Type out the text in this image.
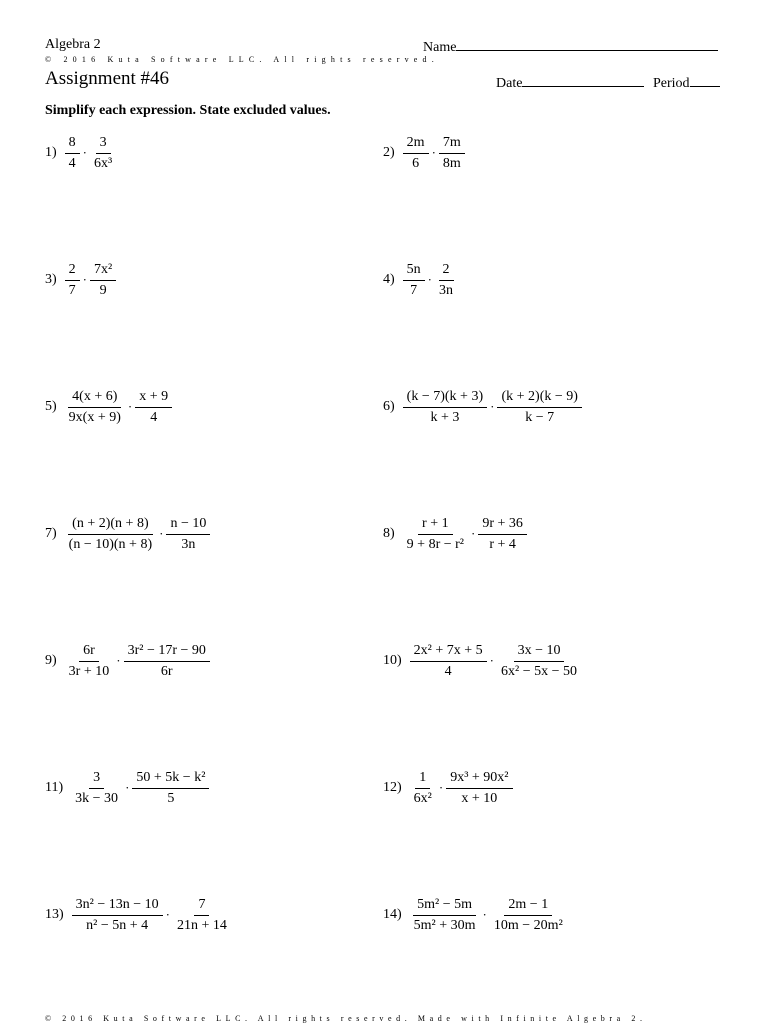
Algebra 2
© 2016 Kuta Software LLC. All rights reserved.
Assignment #46
Name
Date	Period
Simplify each expression. State excluded values.
$1) \frac{8}{4} \cdot \frac{3}{\text{6x³}}$	$2) \frac{2m}{6} \cdot \frac{7m}{8m}$
$3) \frac{2}{7} \cdot \frac{\text{7x²}}{9}$	$4) \frac{5n}{7} \cdot \frac{2}{3n}$
$5) \frac{4(x + 6)}{9x(x + 9)} \cdot \frac{x + 9}{4}$	$6) \frac{(k - 7)(k + 3)}{k + 3} \cdot \frac{(k + 2)(k - 9)}{k - 7}$
$7) \frac{(n + 2)(n + 8)}{(n - 10)(n + 8)} \cdot \frac{n - 10}{3n}$	$8) \frac{r + 1}{\text{9 + 8r − r²}} \cdot \frac{9r + 36}{r + 4}$
$9) \frac{6r}{3r + 10} \cdot \frac{\text{3r² − 17r − 90}}{6r}$	$10) \frac{\text{2x² + 7x + 5}}{4} \cdot \frac{3x - 10}{\text{6x² − 5x − 50}}$
$11) \frac{3}{3k - 30} \cdot \frac{\text{50 + 5k − k²}}{5}$	$12) \frac{1}{\text{6x²}} \cdot \frac{\text{9x³ + 90x²}}{x + 10}$
$13) \frac{\text{3n² − 13n − 10}}{\text{n² − 5n + 4}} \cdot \frac{7}{21n + 14}$	$14) \frac{\text{5m² − 5m}}{\text{5m² + 30m}} \cdot \frac{2m - 1}{\text{10m − 20m²}}$
© 2016 Kuta Software LLC. All rights reserved. Made with Infinite Algebra 2.
